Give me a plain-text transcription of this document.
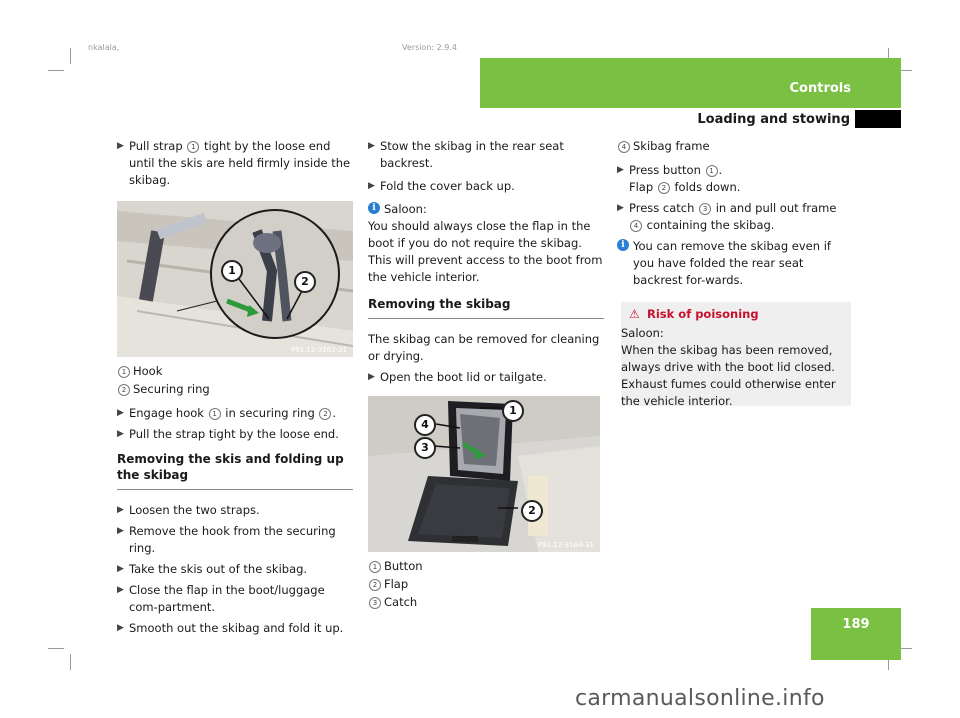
nkalala,	Version: 2.9.4
Controls
Loading and stowing
▶ Pull strap 1 tight by the loose end until the skis are held firmly inside the skibag.
1
2
P91.12-3163-31
1 Hook
2 Securing ring
▶ Engage hook 1 in securing ring 2 .
▶ Pull the strap tight by the loose end.
Removing the skis and folding up the skibag
▶ Loosen the two straps.
▶ Remove the hook from the securing ring.
▶ Take the skis out of the skibag.
▶ Close the flap in the boot/luggage com-partment.
▶ Smooth out the skibag and fold it up.
▶ Stow the skibag in the rear seat backrest.
▶ Fold the cover back up.
i Saloon:
You should always close the flap in the boot if you do not require the skibag. This will prevent access to the boot from the vehicle interior.
Removing the skibag
The skibag can be removed for cleaning or drying.
▶ Open the boot lid or tailgate.
1
2
3
4
P91.12-3164-31
1 Button
2 Flap
3 Catch
4 Skibag frame
▶ Press button 1 .
Flap 2 folds down.
▶ Press catch 3 in and pull out frame 4 containing the skibag.
i You can remove the skibag even if you have folded the rear seat backrest for-wards.
⚠ Risk of poisoning
Saloon:
When the skibag has been removed, always drive with the boot lid closed. Exhaust fumes could otherwise enter the vehicle interior.
189
carmanualsonline.info
